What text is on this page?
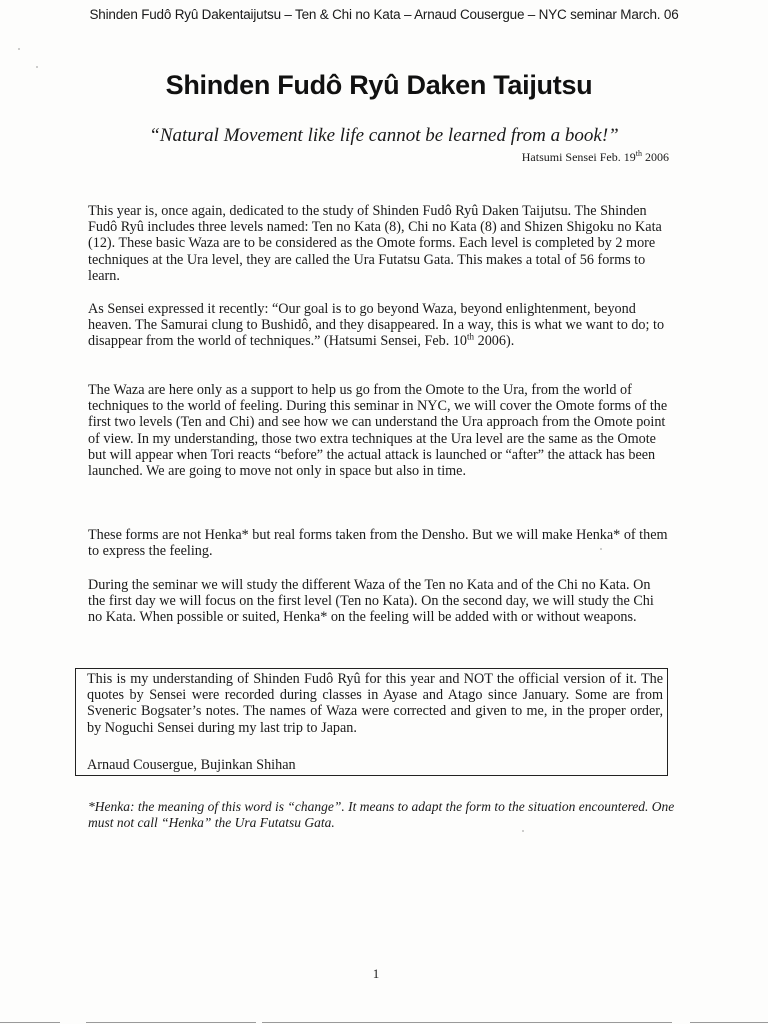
Shinden Fudô Ryû Dakentaijutsu – Ten & Chi no Kata – Arnaud Cousergue – NYC seminar March. 06
Shinden Fudô Ryû Daken Taijutsu
“Natural Movement like life cannot be learned from a book!”
Hatsumi Sensei Feb. 19th 2006
This year is, once again, dedicated to the study of Shinden Fudô Ryû Daken Taijutsu. The Shinden Fudô Ryû includes three levels named: Ten no Kata (8), Chi no Kata (8) and Shizen Shigoku no Kata (12). These basic Waza are to be considered as the Omote forms. Each level is completed by 2 more techniques at the Ura level, they are called the Ura Futatsu Gata. This makes a total of 56 forms to learn.
As Sensei expressed it recently: “Our goal is to go beyond Waza, beyond enlightenment, beyond heaven. The Samurai clung to Bushidô, and they disappeared. In a way, this is what we want to do; to disappear from the world of techniques.” (Hatsumi Sensei, Feb. 10th 2006).
The Waza are here only as a support to help us go from the Omote to the Ura, from the world of techniques to the world of feeling. During this seminar in NYC, we will cover the Omote forms of the first two levels (Ten and Chi) and see how we can understand the Ura approach from the Omote point of view. In my understanding, those two extra techniques at the Ura level are the same as the Omote but will appear when Tori reacts “before” the actual attack is launched or “after” the attack has been launched. We are going to move not only in space but also in time.
These forms are not Henka* but real forms taken from the Densho. But we will make Henka* of them to express the feeling.
During the seminar we will study the different Waza of the Ten no Kata and of the Chi no Kata. On the first day we will focus on the first level (Ten no Kata). On the second day, we will study the Chi no Kata. When possible or suited, Henka* on the feeling will be added with or without weapons.
This is my understanding of Shinden Fudô Ryû for this year and NOT the official version of it. The quotes by Sensei were recorded during classes in Ayase and Atago since January. Some are from Sveneric Bogsater’s notes. The names of Waza were corrected and given to me, in the proper order, by Noguchi Sensei during my last trip to Japan.
Arnaud Cousergue, Bujinkan Shihan
*Henka: the meaning of this word is “change”. It means to adapt the form to the situation encountered. One must not call “Henka” the Ura Futatsu Gata.
1
